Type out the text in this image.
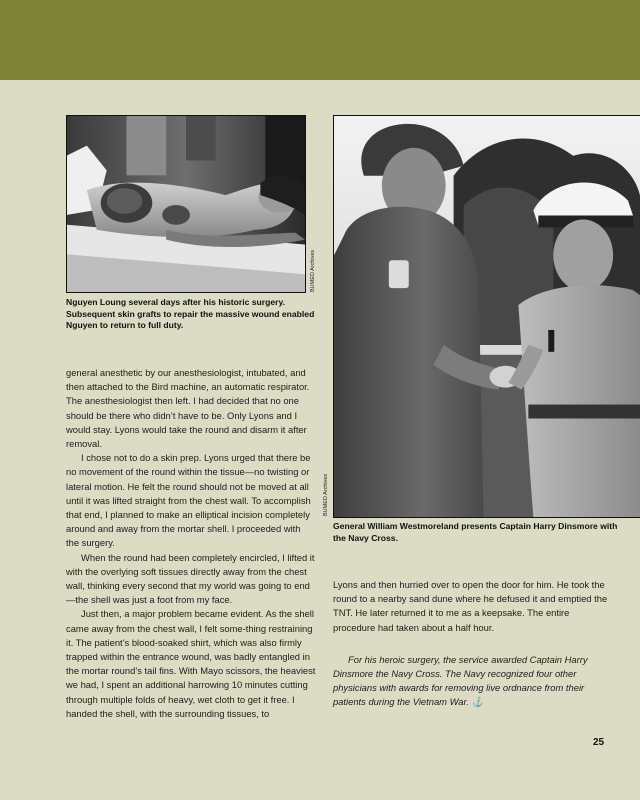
BUMED Archives
Nguyen Loung several days after his historic surgery. Subsequent skin grafts to repair the massive wound enabled Nguyen to return to full duty.
BUMED Archives
General William Westmoreland presents Captain Harry Dinsmore with the Navy Cross.

general anesthetic by our anesthesiologist, intubated, and then attached to the Bird machine, an automatic respirator. The anesthesiologist then left. I had decided that no one should be there who didn’t have to be. Only Lyons and I would stay. Lyons would take the round and disarm it after removal.

I chose not to do a skin prep. Lyons urged that there be no movement of the round within the tissue—no twisting or lateral motion. He felt the round should not be moved at all until it was lifted straight from the chest wall. To accomplish that end, I planned to make an elliptical incision completely around and away from the mortar shell. I proceeded with the surgery.

When the round had been completely encircled, I lifted it with the overlying soft tissues directly away from the chest wall, thinking every second that my world was going to end—the shell was just a foot from my face.

Just then, a major problem became evident. As the shell came away from the chest wall, I felt some-thing restraining it. The patient’s blood-soaked shirt, which was also firmly trapped within the entrance wound, was badly entangled in the mortar round’s tail fins. With Mayo scissors, the heaviest we had, I spent an additional harrowing 10 minutes cutting through multiple folds of heavy, wet cloth to get it free. I handed the shell, with the surrounding tissues, to

Lyons and then hurried over to open the door for him. He took the round to a nearby sand dune where he defused it and emptied the TNT. He later returned it to me as a keepsake. The entire procedure had taken about a half hour.

For his heroic surgery, the service awarded Captain Harry Dinsmore the Navy Cross. The Navy recognized four other physicians with awards for removing live ordnance from their patients during the Vietnam War. ⚓

25
